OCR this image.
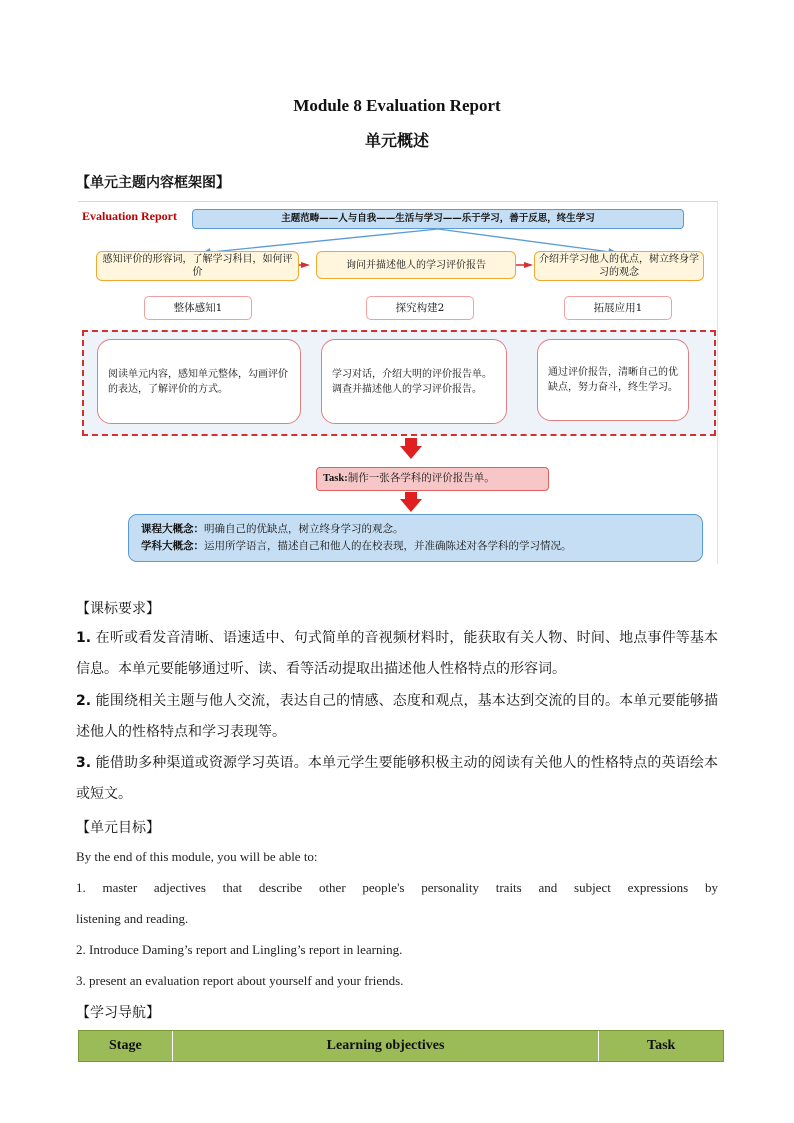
Module 8 Evaluation Report
单元概述
【单元主题内容框架图】
Evaluation Report	主题范畴——人与自我——生活与学习——乐于学习，善于反思，终生学习
感知评价的形容词，了解学习科目，如何评价
询问并描述他人的学习评价报告	介绍并学习他人的优点，树立终身学习的观念
整体感知1	探究构建2	拓展应用1
阅读单元内容，感知单元整体，勾画评价的表达，了解评价的方式。
学习对话，介绍大明的评价报告单。调查并描述他人的学习评价报告。
通过评价报告，清晰自己的优缺点，努力奋斗，终生学习。
Task:制作一张各学科的评价报告单。
课程大概念：明确自己的优缺点，树立终身学习的观念。
学科大概念：运用所学语言，描述自己和他人的在校表现，并准确陈述对各学科的学习情况。
【课标要求】
1. 在听或看发音清晰、语速适中、句式简单的音视频材料时，能获取有关人物、时间、地点事件等基本信息。本单元要能够通过听、读、看等活动提取出描述他人性格特点的形容词。
2. 能围绕相关主题与他人交流，表达自己的情感、态度和观点，基本达到交流的目的。本单元要能够描述他人的性格特点和学习表现等。
3. 能借助多种渠道或资源学习英语。本单元学生要能够积极主动的阅读有关他人的性格特点的英语绘本或短文。
【单元目标】
By the end of this module, you will be able to:
1. master adjectives that describe other people's personality traits and subject expressions by
listening and reading.
2. Introduce Daming’s report and Lingling’s report in learning.
3. present an evaluation report about yourself and your friends.
【学习导航】
Stage	Learning objectives	Task
